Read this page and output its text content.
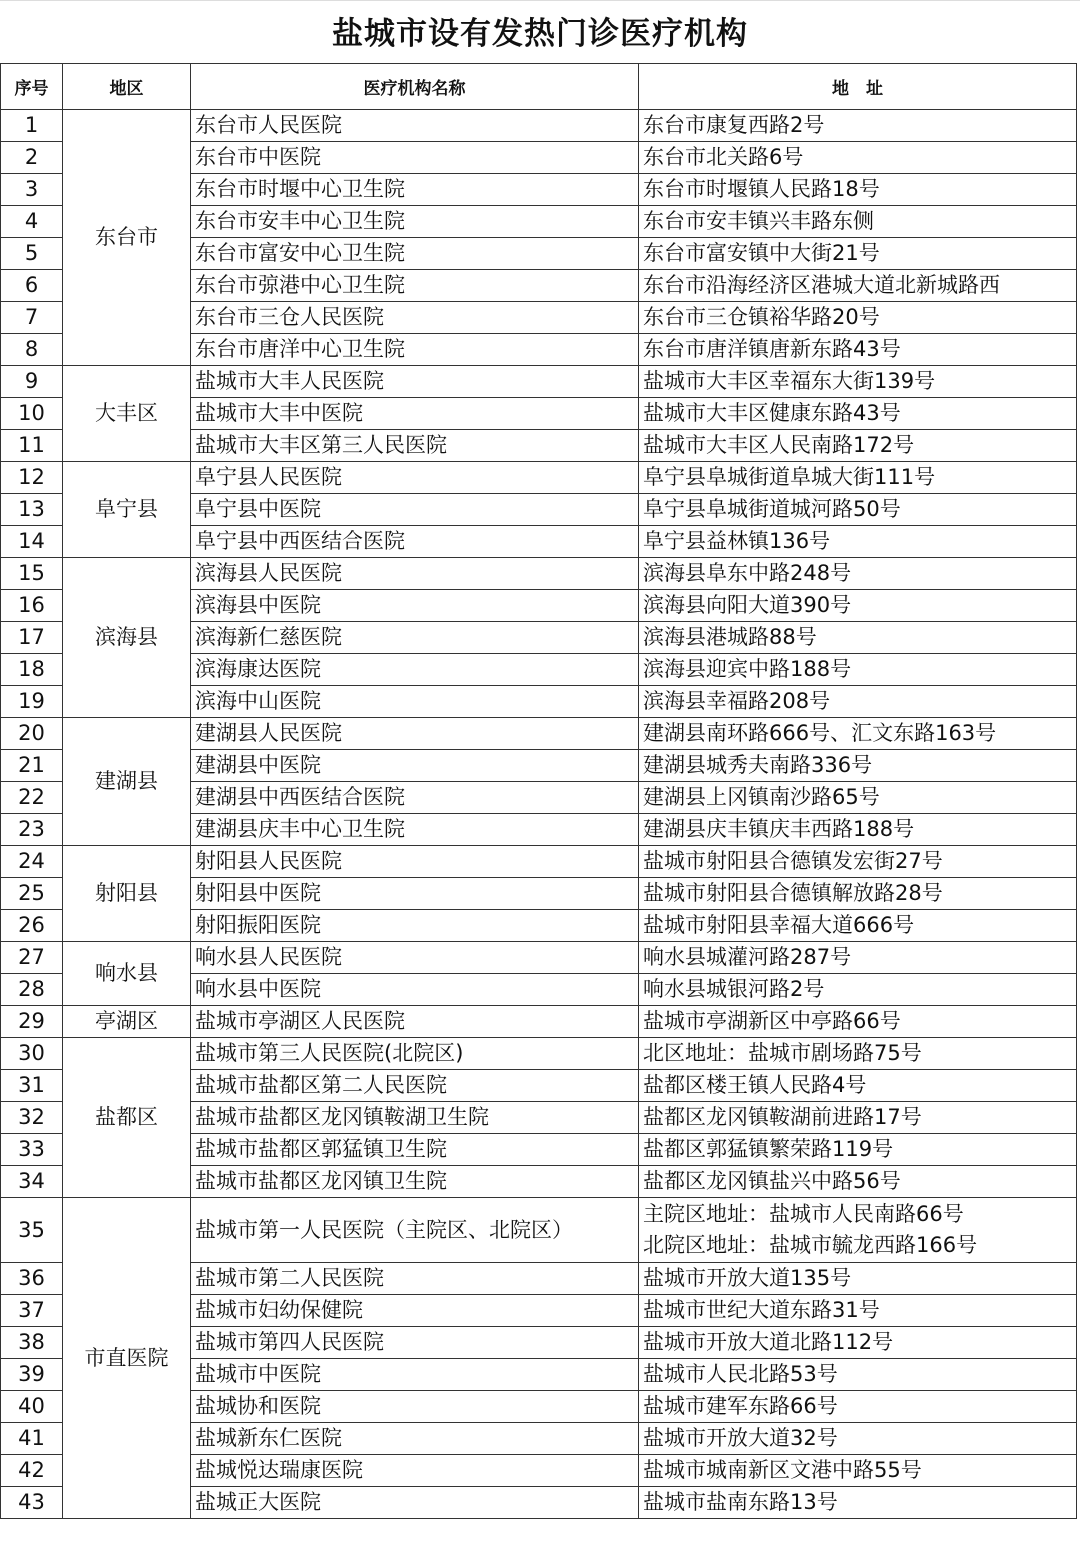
盐城市设有发热门诊医疗机构
序号	地区	医疗机构名称	地　址
1	东台市	东台市人民医院	东台市康复西路2号

2		东台市中医院	东台市北关路6号

3		东台市时堰中心卫生院	东台市时堰镇人民路18号

4		东台市安丰中心卫生院	东台市安丰镇兴丰路东侧

5		东台市富安中心卫生院	东台市富安镇中大街21号

6		东台市弶港中心卫生院	东台市沿海经济区港城大道北新城路西

7		东台市三仓人民医院	东台市三仓镇裕华路20号

8		东台市唐洋中心卫生院	东台市唐洋镇唐新东路43号

9	大丰区	盐城市大丰人民医院	盐城市大丰区幸福东大街139号

10		盐城市大丰中医院	盐城市大丰区健康东路43号

11		盐城市大丰区第三人民医院	盐城市大丰区人民南路172号

12	阜宁县	阜宁县人民医院	阜宁县阜城街道阜城大街111号

13		阜宁县中医院	阜宁县阜城街道城河路50号

14		阜宁县中西医结合医院	阜宁县益林镇136号

15	滨海县	滨海县人民医院	滨海县阜东中路248号

16		滨海县中医院	滨海县向阳大道390号

17		滨海新仁慈医院	滨海县港城路88号

18		滨海康达医院	滨海县迎宾中路188号

19		滨海中山医院	滨海县幸福路208号

20	建湖县	建湖县人民医院	建湖县南环路666号、汇文东路163号

21		建湖县中医院	建湖县城秀夫南路336号

22		建湖县中西医结合医院	建湖县上冈镇南沙路65号

23		建湖县庆丰中心卫生院	建湖县庆丰镇庆丰西路188号

24	射阳县	射阳县人民医院	盐城市射阳县合德镇发宏街27号

25		射阳县中医院	盐城市射阳县合德镇解放路28号

26		射阳振阳医院	盐城市射阳县幸福大道666号

27	响水县	响水县人民医院	响水县城灌河路287号

28		响水县中医院	响水县城银河路2号

29	亭湖区	盐城市亭湖区人民医院	盐城市亭湖新区中亭路66号

30	盐都区	盐城市第三人民医院(北院区)	北区地址：盐城市剧场路75号

31		盐城市盐都区第二人民医院	盐都区楼王镇人民路4号

32		盐城市盐都区龙冈镇鞍湖卫生院	盐都区龙冈镇鞍湖前进路17号

33		盐城市盐都区郭猛镇卫生院	盐都区郭猛镇繁荣路119号

34		盐城市盐都区龙冈镇卫生院	盐都区龙冈镇盐兴中路56号

35	市直医院	盐城市第一人民医院（主院区、北院区）	主院区地址：盐城市人民南路66号
北院区地址：盐城市毓龙西路166号

36		盐城市第二人民医院	盐城市开放大道135号

37		盐城市妇幼保健院	盐城市世纪大道东路31号

38		盐城市第四人民医院	盐城市开放大道北路112号

39		盐城市中医院	盐城市人民北路53号

40		盐城协和医院	盐城市建军东路66号

41		盐城新东仁医院	盐城市开放大道32号

42		盐城悦达瑞康医院	盐城市城南新区文港中路55号

43		盐城正大医院	盐城市盐南东路13号
